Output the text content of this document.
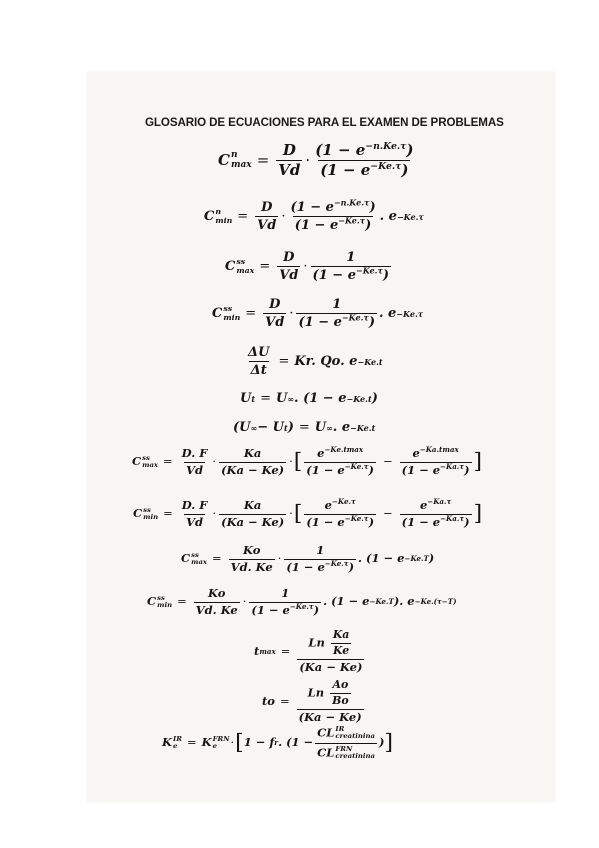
GLOSARIO DE ECUACIONES PARA EL EXAMEN DE PROBLEMAS
C n
$\max = \frac{D}{Vd} \cdot \frac{(1 - e^{-n.Ke.\tau})}{(1 - e^{-Ke.\tau})}$
C n
$\min = \frac{D}{Vd} \cdot \frac{(1 - e^{-n.Ke.\tau})}{(1 - e^{-Ke.\tau})}$ . e −Ke.τ
C ss
$\max = \frac{D}{Vd} \cdot \frac{1}{(1 - e^{-Ke.\tau})}$
C ss
$\min = \frac{D}{Vd} \cdot \frac{1}{(1 - e^{-Ke.\tau})}$ . e −Ke.τ
$\frac{\Delta U}{\Delta t} = Kr$. Qo. e −Ke.t
U t = U ∞ . (1 − e −Ke.t )
(U ∞ − U t ) = U ∞ . e −Ke.t
C ss
$\max = \frac{D. F}{Vd} \cdot \frac{Ka}{(Ka - Ke)}$ · [ $\frac{e^{-Ke.tmax}}{(1 - e^{-Ke.\tau})} - \frac{e^{-Ka.tmax}}{(1 - e^{-Ka.\tau})}$ ]
C ss
$\min = \frac{D. F}{Vd} \cdot \frac{Ka}{(Ka - Ke)}$ · [ $\frac{e^{-Ke.\tau}}{(1 - e^{-Ke.\tau})} - \frac{e^{-Ka.\tau}}{(1 - e^{-Ka.\tau})}$ ]
C ss
$\max = \frac{Ko}{Vd. Ke} \cdot \frac{1}{(1 - e^{-Ke.\tau})}$ . (1 − e −Ke.T )
C ss
$\min = \frac{Ko}{Vd. Ke} \cdot \frac{1}{(1 - e^{-Ke.\tau})}$ . (1 − e −Ke.T ). e −Ke.(τ−T)
t $\max = \frac{Ln \frac{Ka}{Ke}}{(Ka - Ke)}$
to = $\frac{Ln \frac{Ao}{Bo}}{(Ka - Ke)}$
K IR
e = K FRN
e	· [ 1 − f r . (1 − CL IR
creatinina
CL FRN
creatinina ) ]
